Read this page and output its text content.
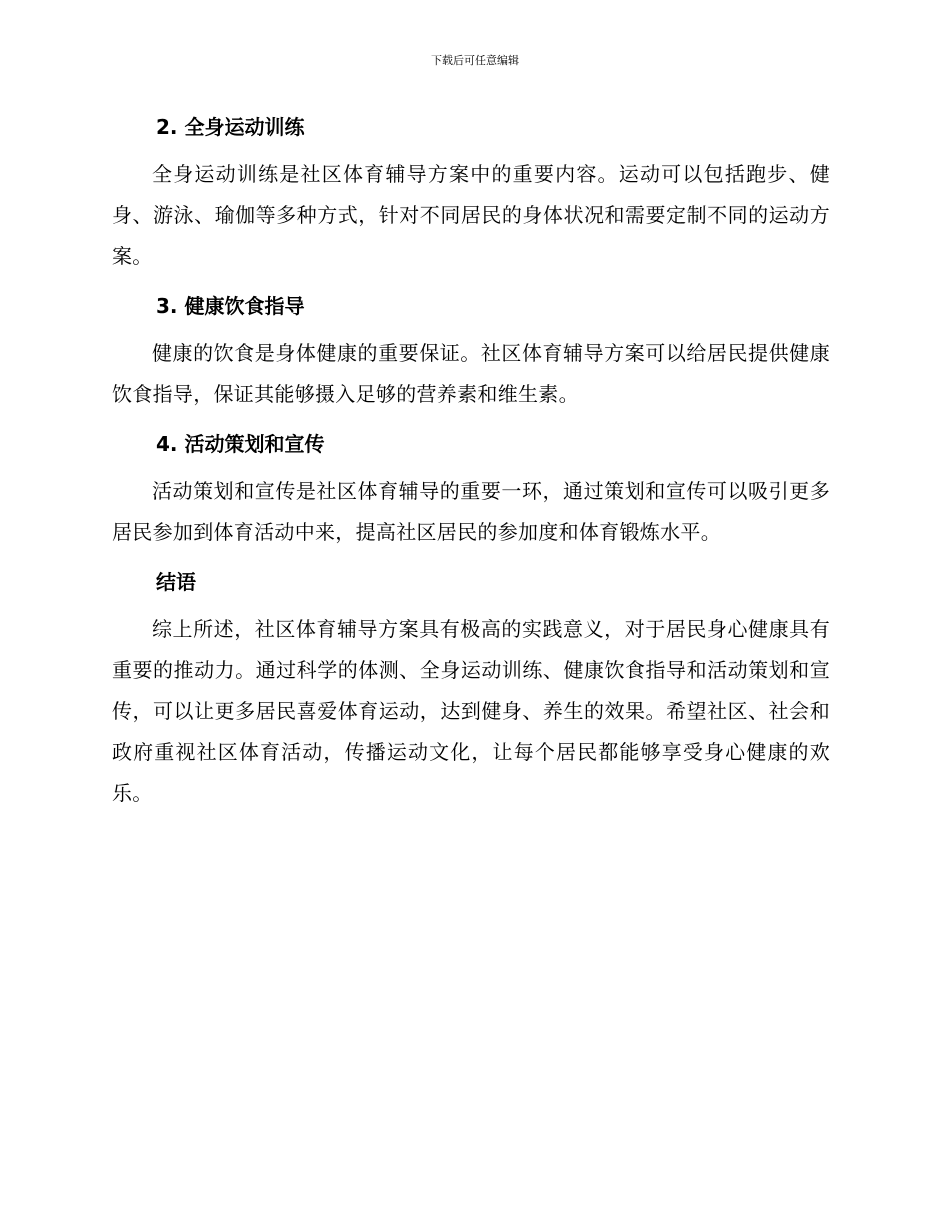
下载后可任意编辑
2. 全身运动训练

全身运动训练是社区体育辅导方案中的重要内容。运动可以包括跑步、健身、游泳、瑜伽等多种方式，针对不同居民的身体状况和需要定制不同的运动方案。

3. 健康饮食指导

健康的饮食是身体健康的重要保证。社区体育辅导方案可以给居民提供健康饮食指导，保证其能够摄入足够的营养素和维生素。

4. 活动策划和宣传

活动策划和宣传是社区体育辅导的重要一环，通过策划和宣传可以吸引更多居民参加到体育活动中来，提高社区居民的参加度和体育锻炼水平。

结语

综上所述，社区体育辅导方案具有极高的实践意义，对于居民身心健康具有重要的推动力。通过科学的体测、全身运动训练、健康饮食指导和活动策划和宣传，可以让更多居民喜爱体育运动，达到健身、养生的效果。希望社区、社会和政府重视社区体育活动，传播运动文化，让每个居民都能够享受身心健康的欢乐。
